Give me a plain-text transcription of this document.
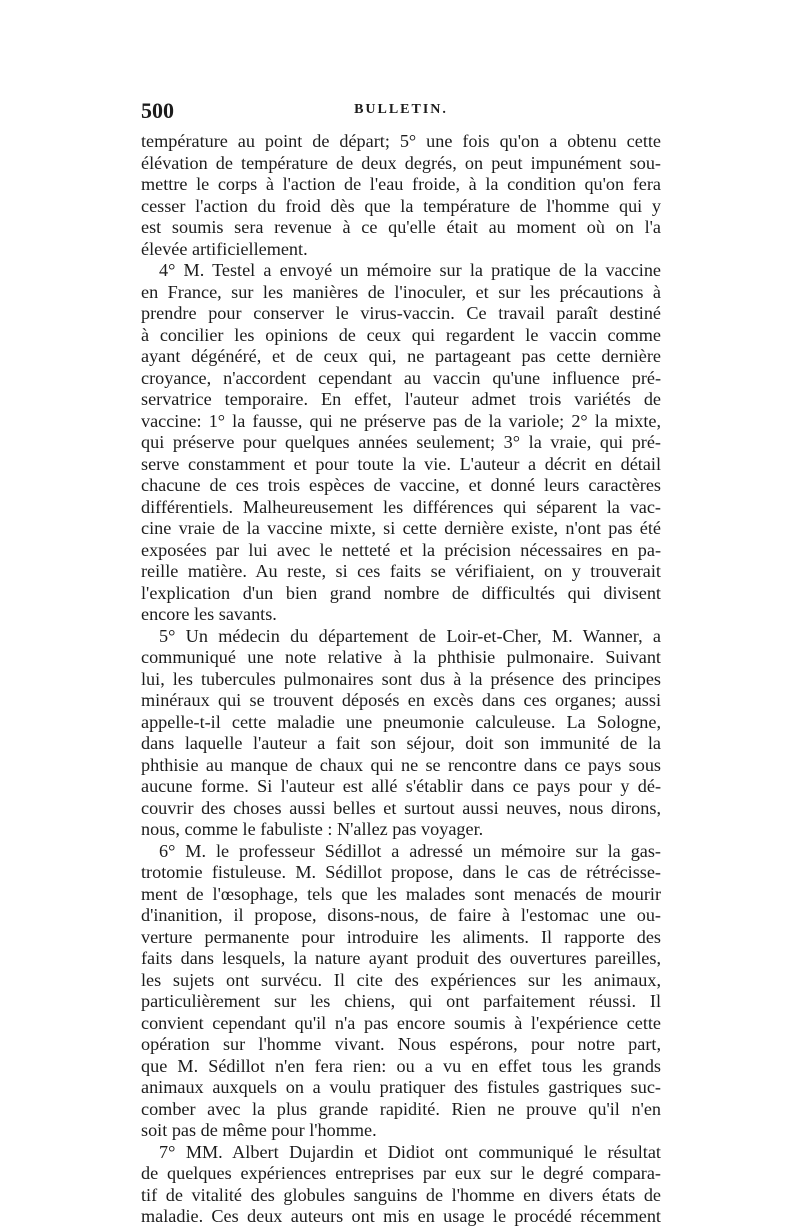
500	BULLETIN.
température au point de départ; 5° une fois qu'on a obtenu cette
élévation de température de deux degrés, on peut impunément sou-
mettre le corps à l'action de l'eau froide, à la condition qu'on fera
cesser l'action du froid dès que la température de l'homme qui y
est soumis sera revenue à ce qu'elle était au moment où on l'a
élevée artificiellement.
4° M. Testel a envoyé un mémoire sur la pratique de la vaccine
en France, sur les manières de l'inoculer, et sur les précautions à
prendre pour conserver le virus-vaccin. Ce travail paraît destiné
à concilier les opinions de ceux qui regardent le vaccin comme
ayant dégénéré, et de ceux qui, ne partageant pas cette dernière
croyance, n'accordent cependant au vaccin qu'une influence pré-
servatrice temporaire. En effet, l'auteur admet trois variétés de
vaccine: 1° la fausse, qui ne préserve pas de la variole; 2° la mixte,
qui préserve pour quelques années seulement; 3° la vraie, qui pré-
serve constamment et pour toute la vie. L'auteur a décrit en détail
chacune de ces trois espèces de vaccine, et donné leurs caractères
différentiels. Malheureusement les différences qui séparent la vac-
cine vraie de la vaccine mixte, si cette dernière existe, n'ont pas été
exposées par lui avec le netteté et la précision nécessaires en pa-
reille matière. Au reste, si ces faits se vérifiaient, on y trouverait
l'explication d'un bien grand nombre de difficultés qui divisent
encore les savants.
5° Un médecin du département de Loir-et-Cher, M. Wanner, a
communiqué une note relative à la phthisie pulmonaire. Suivant
lui, les tubercules pulmonaires sont dus à la présence des principes
minéraux qui se trouvent déposés en excès dans ces organes; aussi
appelle-t-il cette maladie une pneumonie calculeuse. La Sologne,
dans laquelle l'auteur a fait son séjour, doit son immunité de la
phthisie au manque de chaux qui ne se rencontre dans ce pays sous
aucune forme. Si l'auteur est allé s'établir dans ce pays pour y dé-
couvrir des choses aussi belles et surtout aussi neuves, nous dirons,
nous, comme le fabuliste : N'allez pas voyager.
6° M. le professeur Sédillot a adressé un mémoire sur la gas-
trotomie fistuleuse. M. Sédillot propose, dans le cas de rétrécisse-
ment de l'œsophage, tels que les malades sont menacés de mourir
d'inanition, il propose, disons-nous, de faire à l'estomac une ou-
verture permanente pour introduire les aliments. Il rapporte des
faits dans lesquels, la nature ayant produit des ouvertures pareilles,
les sujets ont survécu. Il cite des expériences sur les animaux,
particulièrement sur les chiens, qui ont parfaitement réussi. Il
convient cependant qu'il n'a pas encore soumis à l'expérience cette
opération sur l'homme vivant. Nous espérons, pour notre part,
que M. Sédillot n'en fera rien: ou a vu en effet tous les grands
animaux auxquels on a voulu pratiquer des fistules gastriques suc-
comber avec la plus grande rapidité. Rien ne prouve qu'il n'en
soit pas de même pour l'homme.
7° MM. Albert Dujardin et Didiot ont communiqué le résultat
de quelques expériences entreprises par eux sur le degré compara-
tif de vitalité des globules sanguins de l'homme en divers états de
maladie. Ces deux auteurs ont mis en usage le procédé récemment
